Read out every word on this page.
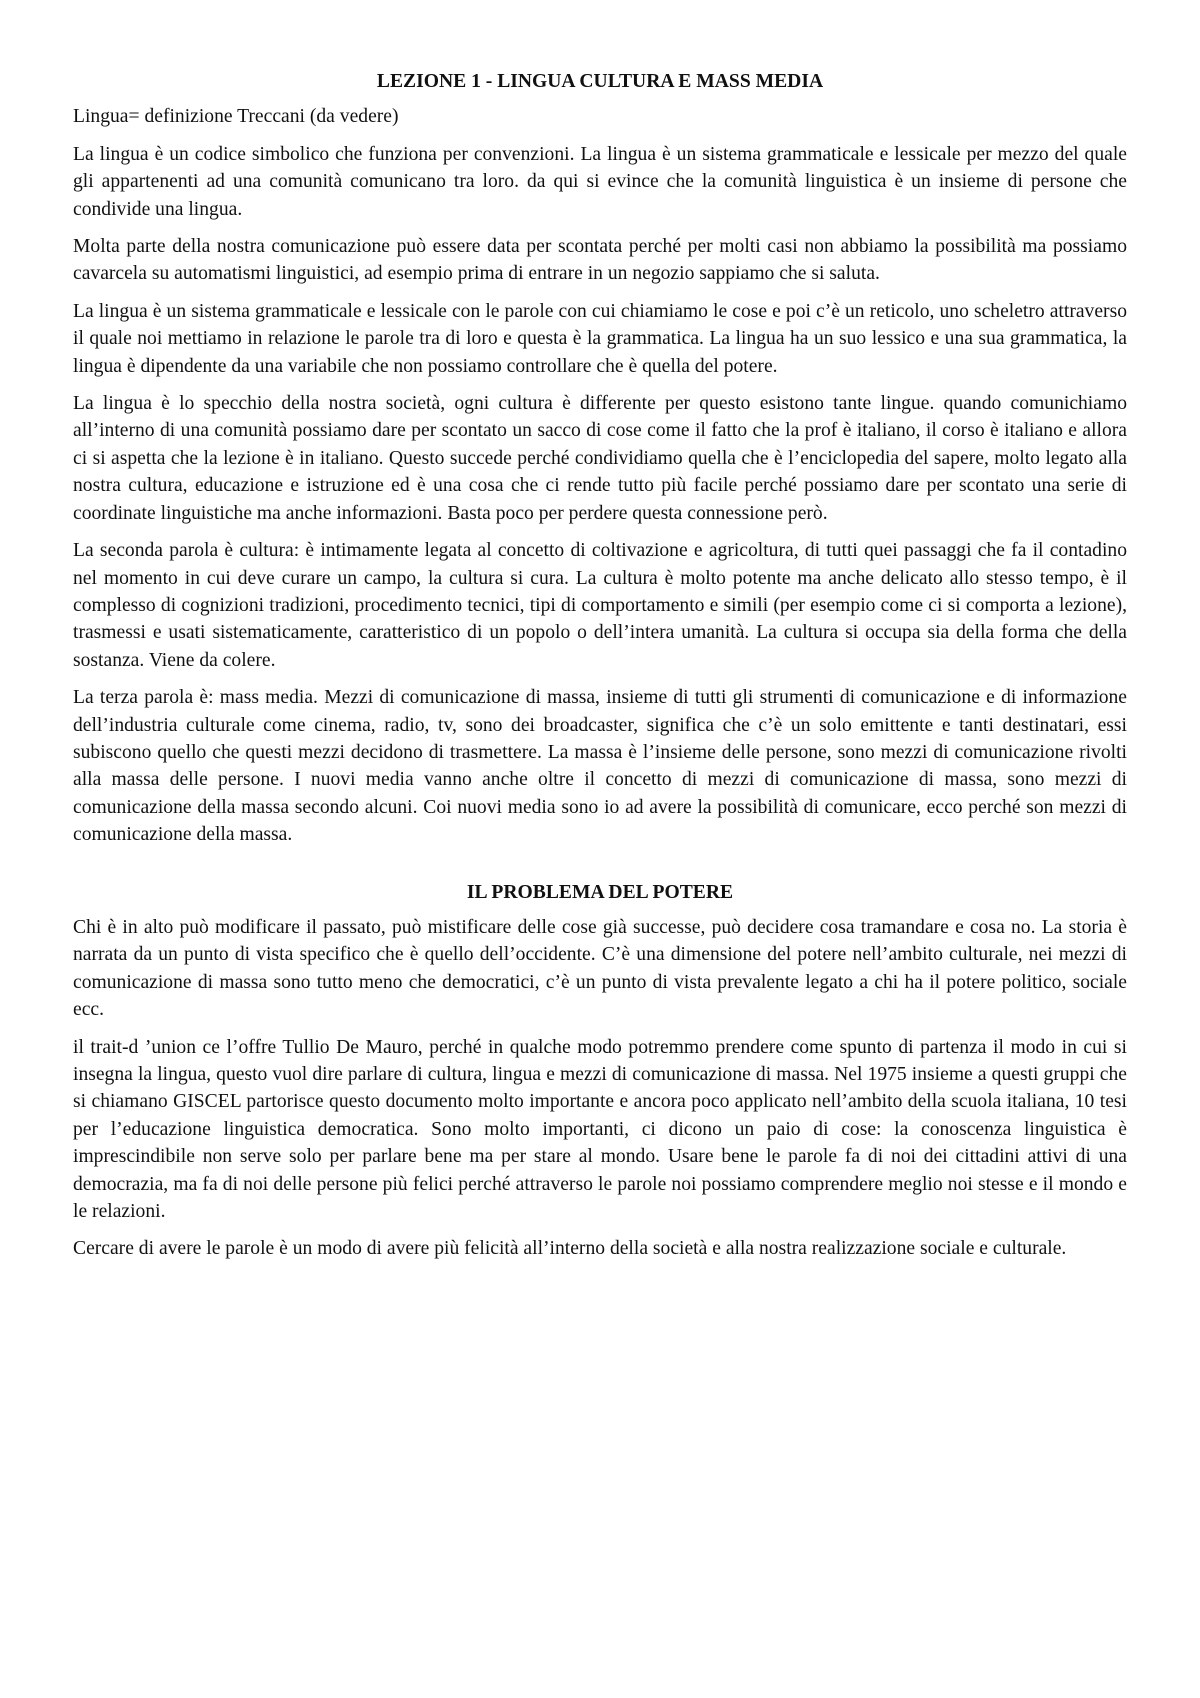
LEZIONE 1 - LINGUA CULTURA E MASS MEDIA

Lingua= definizione Treccani (da vedere)

La lingua è un codice simbolico che funziona per convenzioni. La lingua è un sistema grammaticale e lessicale per mezzo del quale gli appartenenti ad una comunità comunicano tra loro. da qui si evince che la comunità linguistica è un insieme di persone che condivide una lingua.

Molta parte della nostra comunicazione può essere data per scontata perché per molti casi non abbiamo la possibilità ma possiamo cavarcela su automatismi linguistici, ad esempio prima di entrare in un negozio sappiamo che si saluta.

La lingua è un sistema grammaticale e lessicale con le parole con cui chiamiamo le cose e poi c’è un reticolo, uno scheletro attraverso il quale noi mettiamo in relazione le parole tra di loro e questa è la grammatica. La lingua ha un suo lessico e una sua grammatica, la lingua è dipendente da una variabile che non possiamo controllare che è quella del potere.

La lingua è lo specchio della nostra società, ogni cultura è differente per questo esistono tante lingue. quando comunichiamo all’interno di una comunità possiamo dare per scontato un sacco di cose come il fatto che la prof è italiano, il corso è italiano e allora ci si aspetta che la lezione è in italiano. Questo succede perché condividiamo quella che è l’enciclopedia del sapere, molto legato alla nostra cultura, educazione e istruzione ed è una cosa che ci rende tutto più facile perché possiamo dare per scontato una serie di coordinate linguistiche ma anche informazioni. Basta poco per perdere questa connessione però.

La seconda parola è cultura: è intimamente legata al concetto di coltivazione e agricoltura, di tutti quei passaggi che fa il contadino nel momento in cui deve curare un campo, la cultura si cura. La cultura è molto potente ma anche delicato allo stesso tempo, è il complesso di cognizioni tradizioni, procedimento tecnici, tipi di comportamento e simili (per esempio come ci si comporta a lezione), trasmessi e usati sistematicamente, caratteristico di un popolo o dell’intera umanità. La cultura si occupa sia della forma che della sostanza. Viene da colere.

La terza parola è: mass media. Mezzi di comunicazione di massa, insieme di tutti gli strumenti di comunicazione e di informazione dell’industria culturale come cinema, radio, tv, sono dei broadcaster, significa che c’è un solo emittente e tanti destinatari, essi subiscono quello che questi mezzi decidono di trasmettere. La massa è l’insieme delle persone, sono mezzi di comunicazione rivolti alla massa delle persone. I nuovi media vanno anche oltre il concetto di mezzi di comunicazione di massa, sono mezzi di comunicazione della massa secondo alcuni. Coi nuovi media sono io ad avere la possibilità di comunicare, ecco perché son mezzi di comunicazione della massa.

IL PROBLEMA DEL POTERE

Chi è in alto può modificare il passato, può mistificare delle cose già successe, può decidere cosa tramandare e cosa no. La storia è narrata da un punto di vista specifico che è quello dell’occidente. C’è una dimensione del potere nell’ambito culturale, nei mezzi di comunicazione di massa sono tutto meno che democratici, c’è un punto di vista prevalente legato a chi ha il potere politico, sociale ecc.

il trait-d ’union ce l’offre Tullio De Mauro, perché in qualche modo potremmo prendere come spunto di partenza il modo in cui si insegna la lingua, questo vuol dire parlare di cultura, lingua e mezzi di comunicazione di massa. Nel 1975 insieme a questi gruppi che si chiamano GISCEL partorisce questo documento molto importante e ancora poco applicato nell’ambito della scuola italiana, 10 tesi per l’educazione linguistica democratica. Sono molto importanti, ci dicono un paio di cose: la conoscenza linguistica è imprescindibile non serve solo per parlare bene ma per stare al mondo. Usare bene le parole fa di noi dei cittadini attivi di una democrazia, ma fa di noi delle persone più felici perché attraverso le parole noi possiamo comprendere meglio noi stesse e il mondo e le relazioni.

Cercare di avere le parole è un modo di avere più felicità all’interno della società e alla nostra realizzazione sociale e culturale.
